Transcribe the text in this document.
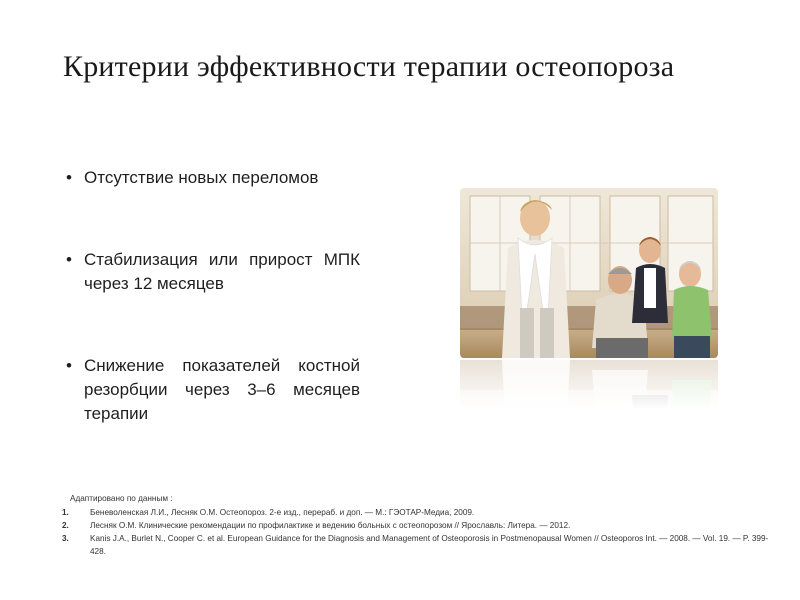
Критерии эффективности терапии остеопороза
• Отсутствие новых переломов
• Стабилизация или прирост МПК через 12 месяцев
• Снижение показателей костной резорбции через 3–6 месяцев терапии
Адаптировано по данным :
1.	Беневоленская Л.И., Лесняк О.М. Остеопороз. 2-е изд., перераб. и доп. — М.: ГЭОТАР-Медиа, 2009.
2.	Лесняк О.М. Клинические рекомендации по профилактике и ведению больных с остеопорозом // Ярославль: Литера. — 2012.
3.	Kanis J.A., Burlet N., Cooper C. et al. European Guidance for the Diagnosis and Management of Osteoporosis in Postmenopausal Women // Osteoporos Int. — 2008. — Vol. 19. — P. 399-428.
